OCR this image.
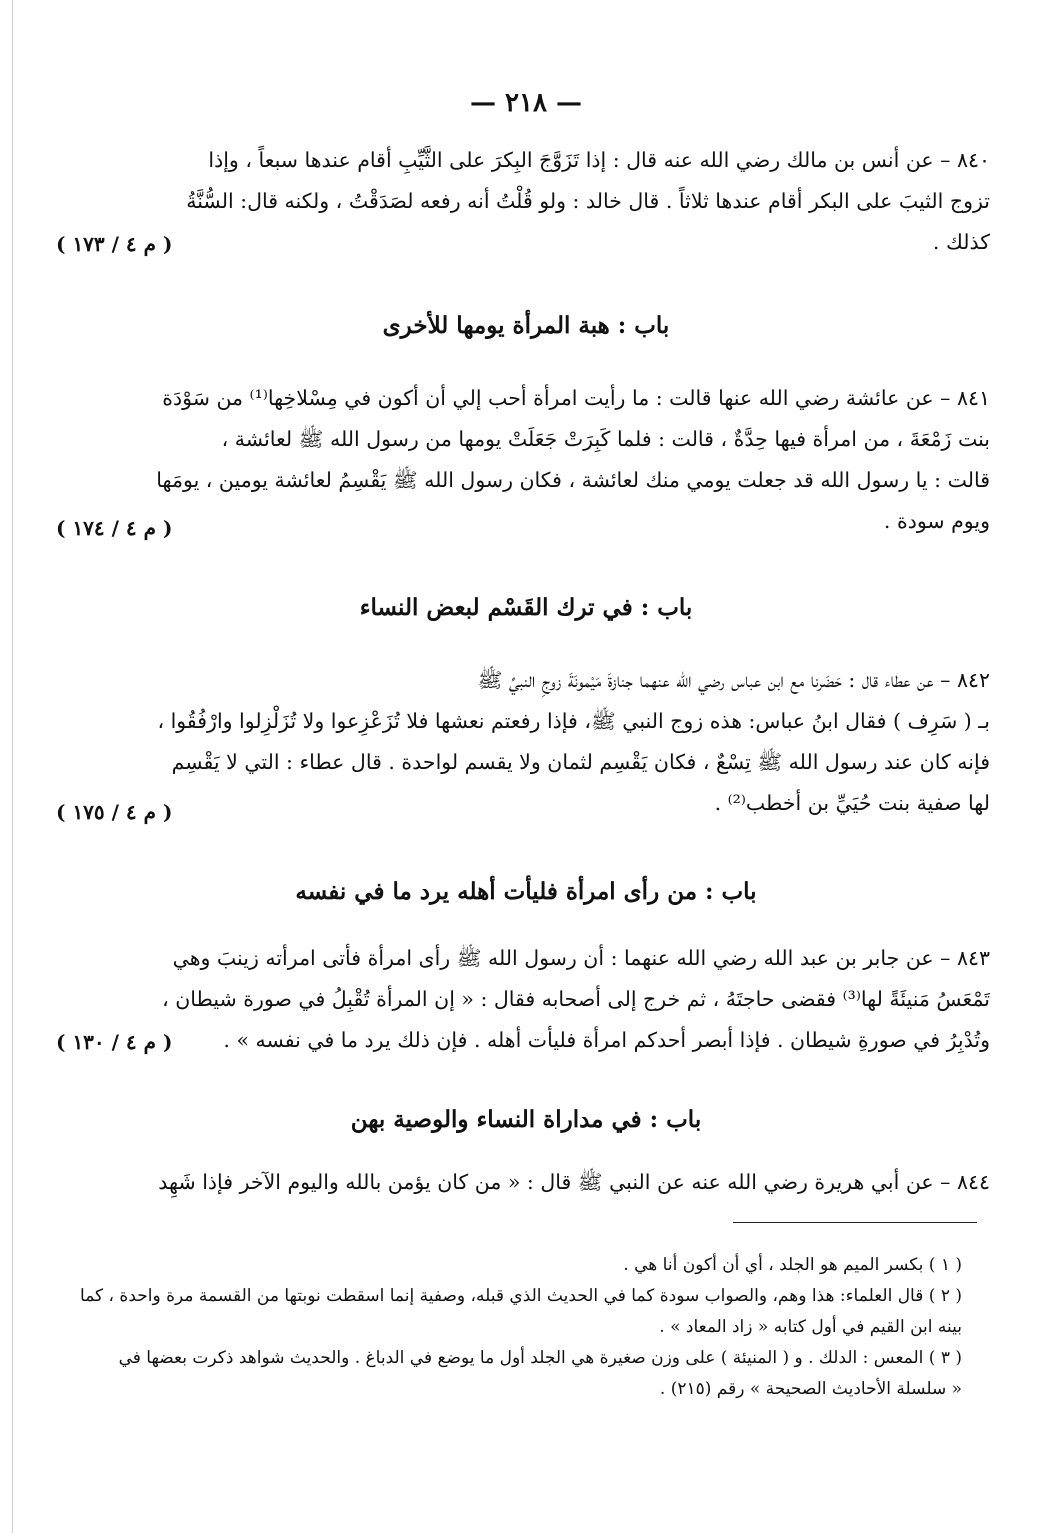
— ٢١٨ —

٨٤٠ – عن أنس بن مالك رضي الله عنه قال : إذا تَزَوَّجَ البِكرَ على الثَّيِّبِ أقام عندها سبعاً ، وإذا

تزوج الثيبَ على البكر أقام عندها ثلاثاً . قال خالد : ولو قُلْتُ أنه رفعه لصَدَقْتُ ، ولكنه قال: السُّنَّةُ

كذلك .

( م ٤ / ١٧٣ )
باب : هبة المرأة يومها للأخرى

٨٤١ – عن عائشة رضي الله عنها قالت : ما رأيت امرأة أحب إلي أن أكون في مِسْلاخِها⁽¹⁾ من سَوْدَة

بنت زَمْعَةَ ، من امرأة فيها حِدَّةٌ ، قالت : فلما كَبِرَتْ جَعَلَتْ يومها من رسول الله ﷺ لعائشة ،

قالت : يا رسول الله قد جعلت يومي منك لعائشة ، فكان رسول الله ﷺ يَقْسِمُ لعائشة يومين ، يومَها

ويوم سودة .

( م ٤ / ١٧٤ )
باب : في ترك القَسْم لبعض النساء

٨٤٢ – عن عطاء قال : حَضَرنا مع ابن عباس رضي الله عنهما جنازةَ مَيْمونَةَ زوجِ النبيِّ ﷺ

بـ ( سَرِف ) فقال ابنُ عباس: هذه زوج النبي ﷺ، فإذا رفعتم نعشها فلا تُزَعْزِعوا ولا تُزَلْزِلوا وارْفُقُوا ،

فإنه كان عند رسول الله ﷺ تِسْعٌ ، فكان يَقْسِم لثمان ولا يقسم لواحدة . قال عطاء : التي لا يَقْسِم

لها صفية بنت حُيَيِّ بن أخطب⁽²⁾ .

( م ٤ / ١٧٥ )
باب : من رأى امرأة فليأت أهله يرد ما في نفسه

٨٤٣ – عن جابر بن عبد الله رضي الله عنهما : أن رسول الله ﷺ رأى امرأة فأتى امرأته زينبَ وهي

تَمْعَسُ مَنيئَةً لها⁽³⁾ فقضى حاجتَهُ ، ثم خرج إلى أصحابه فقال : « إن المرأة تُقْبِلُ في صورة شيطان ،

وتُدْبِرُ في صورةِ شيطان . فإذا أبصر أحدكم امرأة فليأت أهله . فإن ذلك يرد ما في نفسه » .

( م ٤ / ١٣٠ )
باب : في مداراة النساء والوصية بهن

٨٤٤ – عن أبي هريرة رضي الله عنه عن النبي ﷺ قال : « من كان يؤمن بالله واليوم الآخر فإذا شَهِد

( ١ ) بكسر الميم هو الجلد ، أي أن أكون أنا هي .
( ٢ ) قال العلماء: هذا وهم، والصواب سودة كما في الحديث الذي قبله، وصفية إنما اسقطت نوبتها من القسمة مرة واحدة ، كما
بينه ابن القيم في أول كتابه « زاد المعاد » .
( ٣ ) المعس : الدلك . و ( المنيئة ) على وزن صغيرة هي الجلد أول ما يوضع في الدباغ . والحديث شواهد ذكرت بعضها في
« سلسلة الأحاديث الصحيحة » رقم (٢١٥) .
